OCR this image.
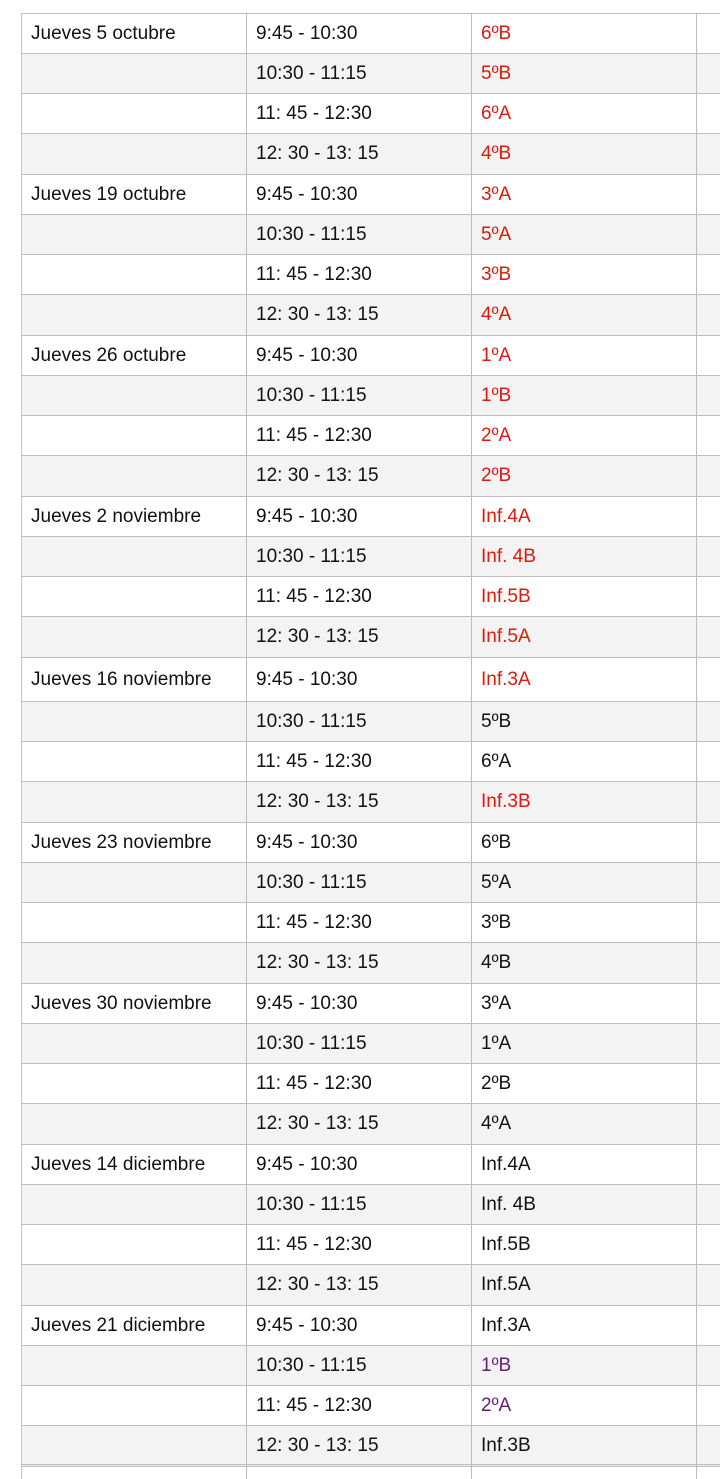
Jueves 5 octubre	9:45 - 10:30	6ºB	
	10:30 - 11:15	5ºB	
	11: 45 - 12:30	6ºA	
	12: 30 - 13: 15	4ºB	
Jueves 19 octubre	9:45 - 10:30	3ºA	
	10:30 - 11:15	5ºA	
	11: 45 - 12:30	3ºB	
	12: 30 - 13: 15	4ºA	
Jueves 26 octubre	9:45 - 10:30	1ºA	
	10:30 - 11:15	1ºB	
	11: 45 - 12:30	2ºA	
	12: 30 - 13: 15	2ºB	
Jueves 2 noviembre	9:45 - 10:30	Inf.4A	
	10:30 - 11:15	Inf. 4B	
	11: 45 - 12:30	Inf.5B	
	12: 30 - 13: 15	Inf.5A	
Jueves 16 noviembre	9:45 - 10:30	Inf.3A	
	10:30 - 11:15	5ºB	
	11: 45 - 12:30	6ºA	
	12: 30 - 13: 15	Inf.3B	
Jueves 23 noviembre	9:45 - 10:30	6ºB	
	10:30 - 11:15	5ºA	
	11: 45 - 12:30	3ºB	
	12: 30 - 13: 15	4ºB	
Jueves 30 noviembre	9:45 - 10:30	3ºA	
	10:30 - 11:15	1ºA	
	11: 45 - 12:30	2ºB	
	12: 30 - 13: 15	4ºA	
Jueves 14 diciembre	9:45 - 10:30	Inf.4A	
	10:30 - 11:15	Inf. 4B	
	11: 45 - 12:30	Inf.5B	
	12: 30 - 13: 15	Inf.5A	
Jueves 21 diciembre	9:45 - 10:30	Inf.3A	
	10:30 - 11:15	1ºB	
	11: 45 - 12:30	2ºA	
	12: 30 - 13: 15	Inf.3B	
